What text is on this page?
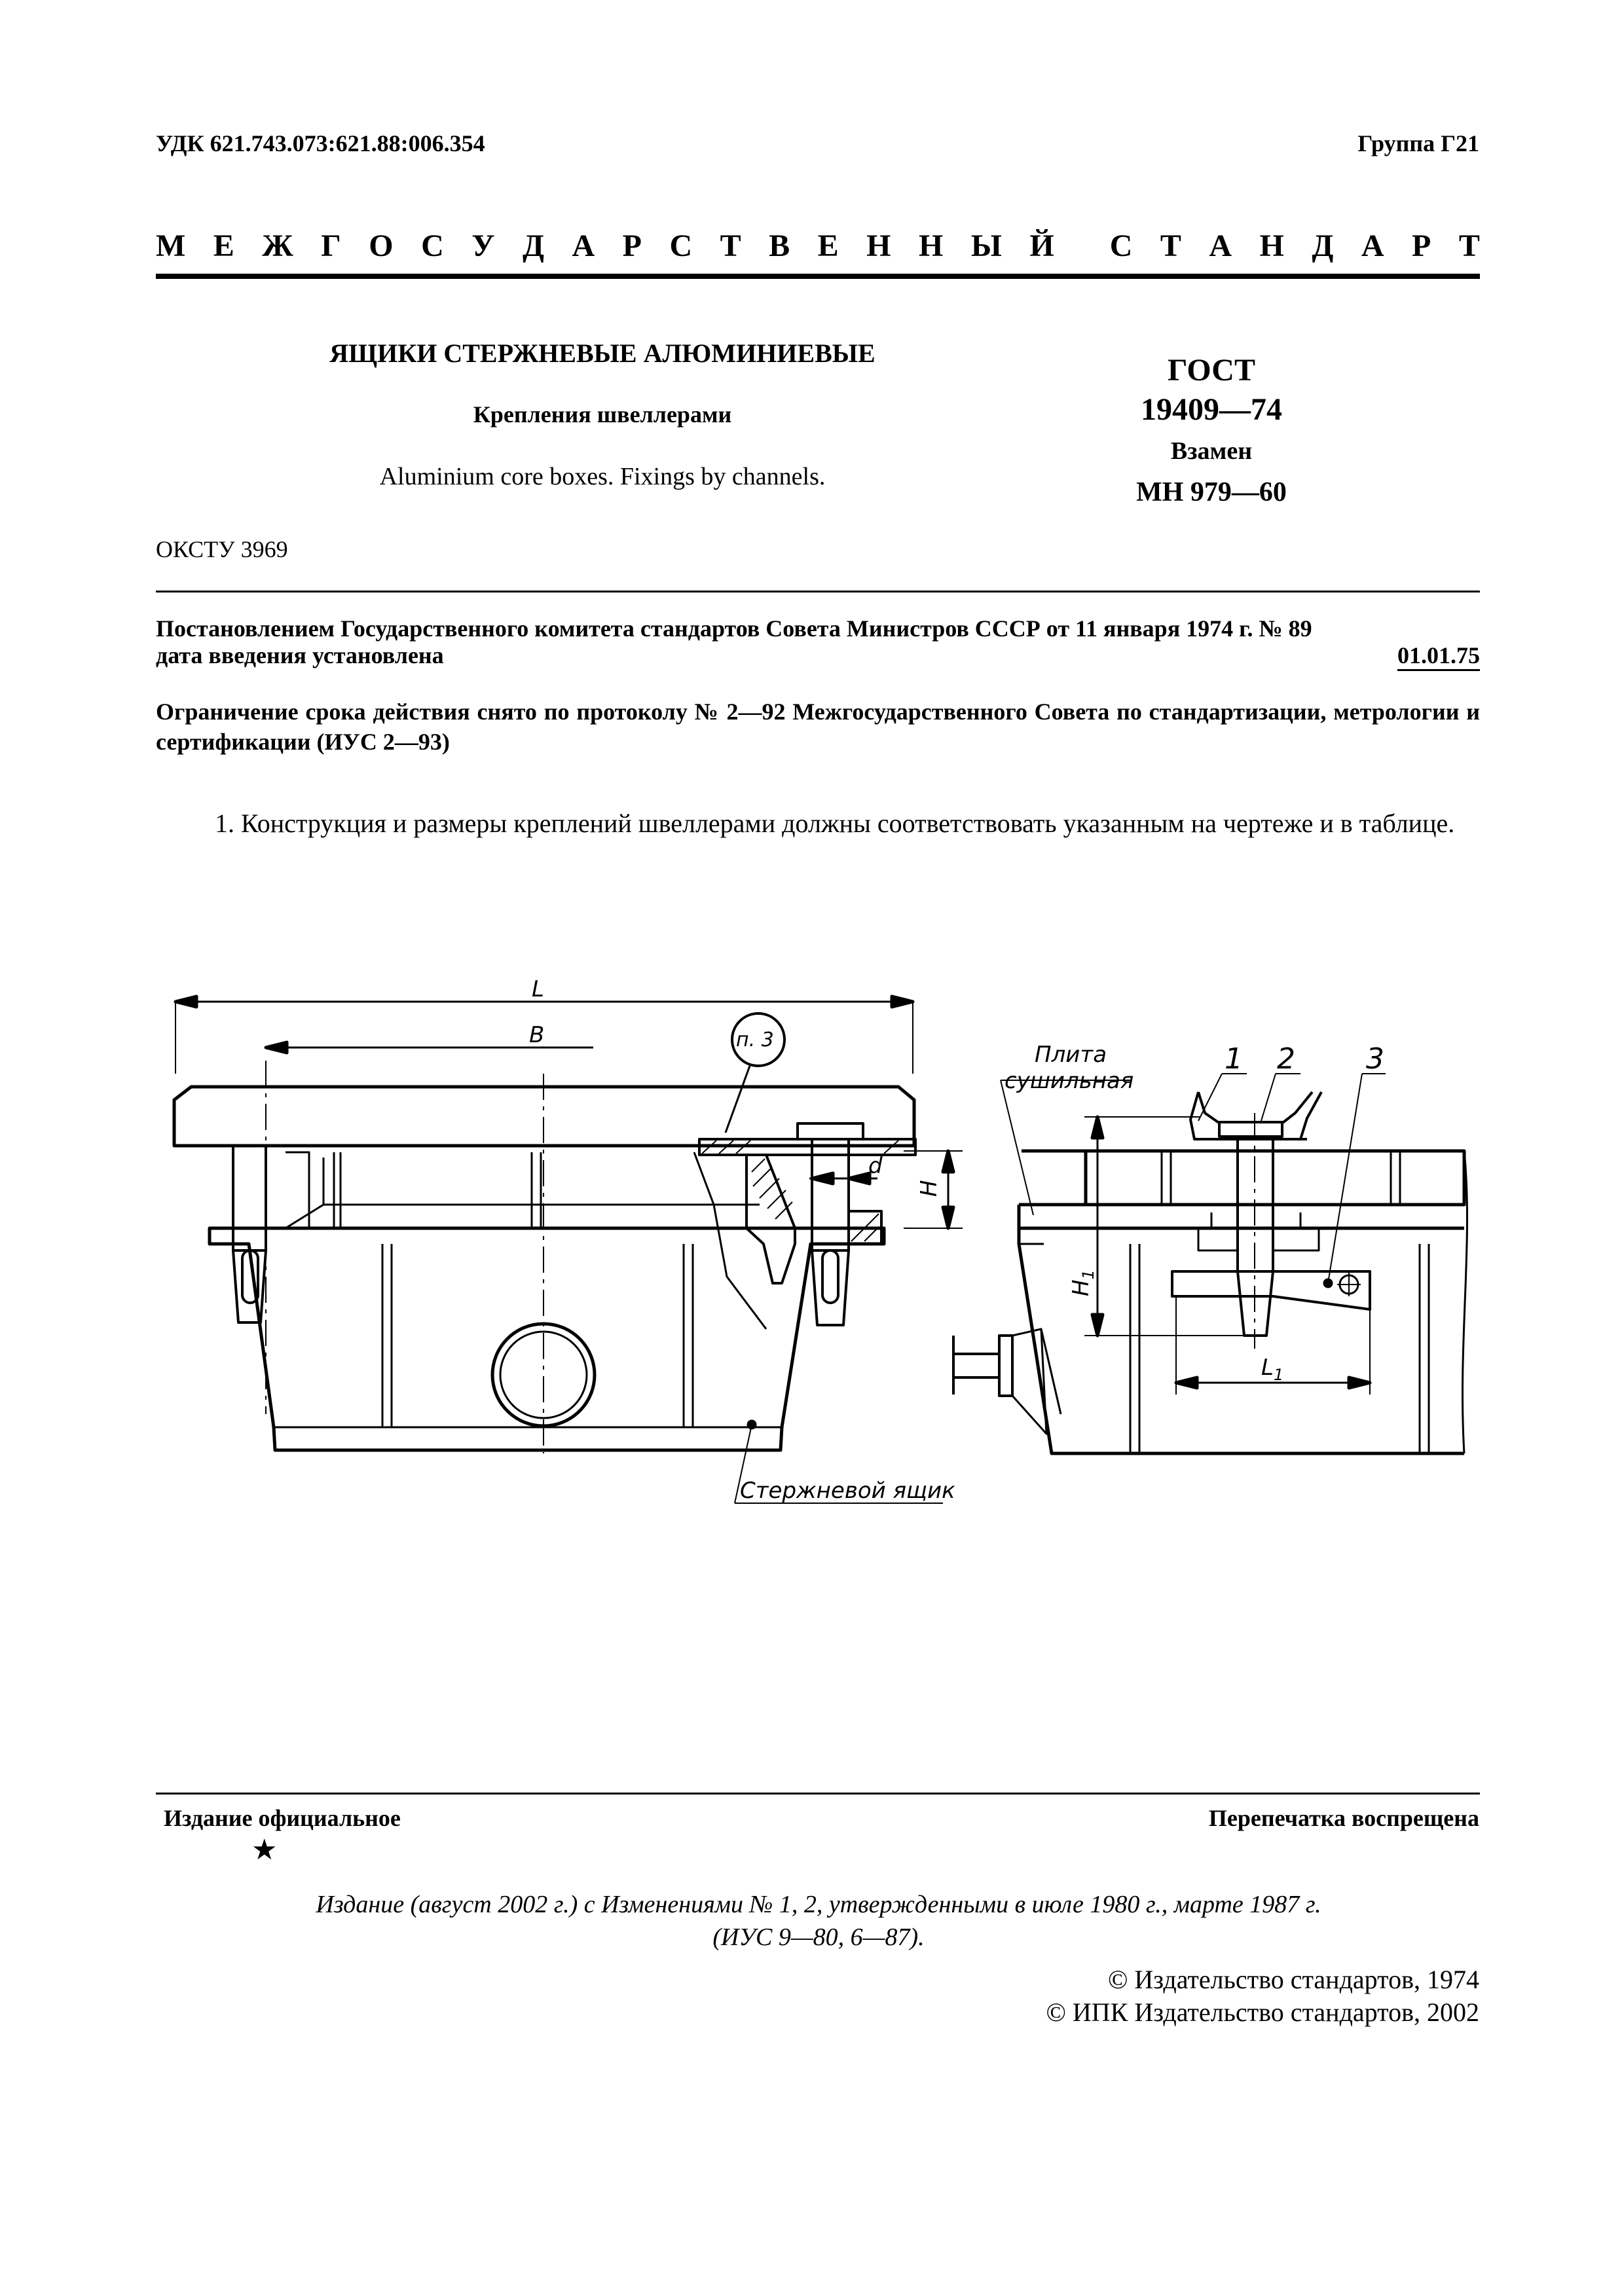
УДК 621.743.073:621.88:006.354	Группа Г21
М Е Ж Г О С У Д А Р С Т В Е Н Н Ы Й С Т А Н Д А Р Т
ЯЩИКИ СТЕРЖНЕВЫЕ АЛЮМИНИЕВЫЕ
Крепления швеллерами
Aluminium core boxes. Fixings by channels.
ГОСТ
19409—74
Взамен
МН 979—60
ОКСТУ 3969
Постановлением Государственного комитета стандартов Совета Министров СССР от 11 января 1974 г. № 89
дата введения установлена	01.01.75
Ограничение срока действия снято по протоколу № 2—92 Межгосударственного Совета по стандартизации, метрологии и сертификации (ИУС 2—93)
1. Конструкция и размеры креплений швеллерами должны соответствовать указанным на чертеже и в таблице.
L
B	п. 3
d
H
Плита
сушильная
1 2 3
$H_1$
$L_1$
Стержневой ящик
Издание официальное	Перепечатка воспрещена
★
Издание (август 2002 г.) с Изменениями № 1, 2, утвержденными в июле 1980 г., марте 1987 г.
(ИУС 9—80, 6—87).
© Издательство стандартов, 1974
© ИПК Издательство стандартов, 2002
